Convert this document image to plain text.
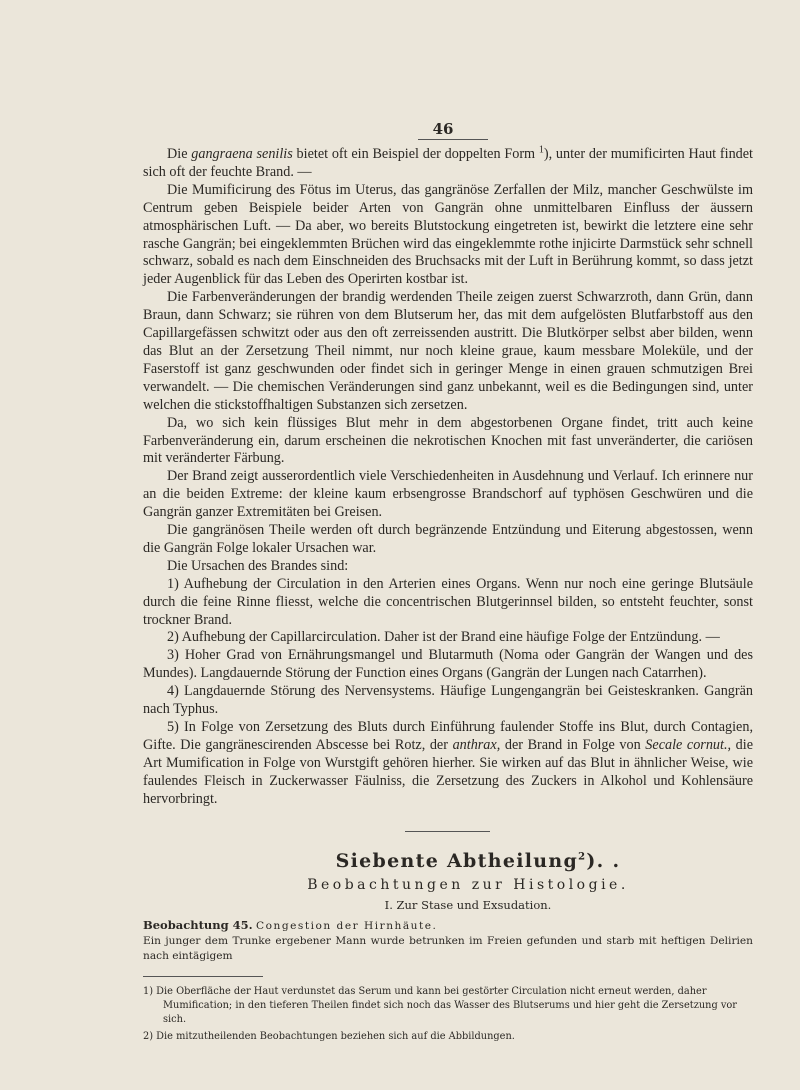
46

Die gangraena senilis bietet oft ein Beispiel der doppelten Form $^1$), unter der mumificirten Haut findet sich oft der feuchte Brand. —

Die Mumificirung des Fötus im Uterus, das gangränöse Zerfallen der Milz, mancher Geschwülste im Centrum geben Beispiele beider Arten von Gangrän ohne unmittelbaren Einfluss der äussern atmosphärischen Luft. — Da aber, wo bereits Blutstockung eingetreten ist, bewirkt die letztere eine sehr rasche Gangrän; bei eingeklemmten Brüchen wird das eingeklemmte rothe injicirte Darmstück sehr schnell schwarz, sobald es nach dem Einschneiden des Bruchsacks mit der Luft in Berührung kommt, so dass jetzt jeder Augenblick für das Leben des Operirten kostbar ist.

Die Farbenveränderungen der brandig werdenden Theile zeigen zuerst Schwarzroth, dann Grün, dann Braun, dann Schwarz; sie rühren von dem Blutserum her, das mit dem aufgelösten Blutfarbstoff aus den Capillargefässen schwitzt oder aus den oft zerreissenden austritt. Die Blutkörper selbst aber bilden, wenn das Blut an der Zersetzung Theil nimmt, nur noch kleine graue, kaum messbare Moleküle, und der Faserstoff ist ganz geschwunden oder findet sich in geringer Menge in einen grauen schmutzigen Brei verwandelt. — Die chemischen Veränderungen sind ganz unbekannt, weil es die Bedingungen sind, unter welchen die stickstoffhaltigen Substanzen sich zersetzen.

Da, wo sich kein flüssiges Blut mehr in dem abgestorbenen Organe findet, tritt auch keine Farbenveränderung ein, darum erscheinen die nekrotischen Knochen mit fast unveränderter, die cariösen mit veränderter Färbung.

Der Brand zeigt ausserordentlich viele Verschiedenheiten in Ausdehnung und Verlauf. Ich erinnere nur an die beiden Extreme: der kleine kaum erbsengrosse Brandschorf auf typhösen Geschwüren und die Gangrän ganzer Extremitäten bei Greisen.

Die gangränösen Theile werden oft durch begränzende Entzündung und Eiterung abgestossen, wenn die Gangrän Folge lokaler Ursachen war.

Die Ursachen des Brandes sind:

1) Aufhebung der Circulation in den Arterien eines Organs. Wenn nur noch eine geringe Blutsäule durch die feine Rinne fliesst, welche die concentrischen Blutgerinnsel bilden, so entsteht feuchter, sonst trockner Brand.

2) Aufhebung der Capillarcirculation. Daher ist der Brand eine häufige Folge der Entzündung. —

3) Hoher Grad von Ernährungsmangel und Blutarmuth (Noma oder Gangrän der Wangen und des Mundes). Langdauernde Störung der Function eines Organs (Gangrän der Lungen nach Catarrhen).

4) Langdauernde Störung des Nervensystems. Häufige Lungengangrän bei Geisteskranken. Gangrän nach Typhus.

5) In Folge von Zersetzung des Bluts durch Einführung faulender Stoffe ins Blut, durch Contagien, Gifte. Die gangränescirenden Abscesse bei Rotz, der anthrax, der Brand in Folge von Secale cornut., die Art Mumification in Folge von Wurstgift gehören hierher. Sie wirken auf das Blut in ähnlicher Weise, wie faulendes Fleisch in Zuckerwasser Fäulniss, die Zersetzung des Zuckers in Alkohol und Kohlensäure hervorbringt.

Siebente Abtheilung$^2$). .
Beobachtungen zur Histologie.
I. Zur Stase und Exsudation.
Beobachtung 45. Congestion der Hirnhäute.
Ein junger dem Trunke ergebener Mann wurde betrunken im Freien gefunden und starb mit heftigen Delirien nach eintägigem

1) Die Oberfläche der Haut verdunstet das Serum und kann bei gestörter Circulation nicht erneut werden, daher Mumification; in den tieferen Theilen findet sich noch das Wasser des Blutserums und hier geht die Zersetzung vor sich.

2) Die mitzutheilenden Beobachtungen beziehen sich auf die Abbildungen.
